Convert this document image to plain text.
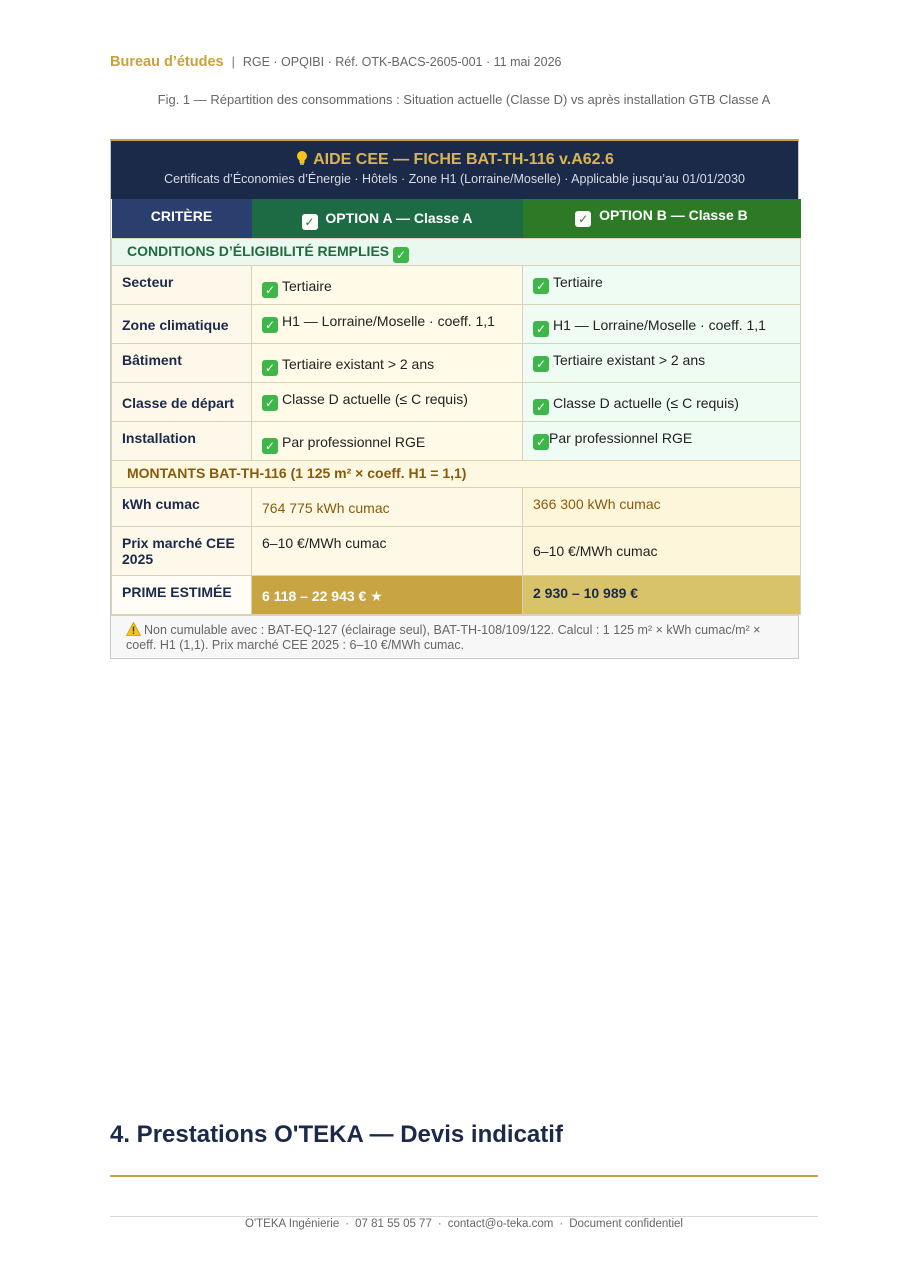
Bureau d’études | RGE · OPQIBI · Réf. OTK-BACS-2605-001 · 11 mai 2026
Fig. 1 — Répartition des consommations : Situation actuelle (Classe D) vs après installation GTB Classe A
AIDE CEE — FICHE BAT-TH-116 v.A62.6
Certificats d’Économies d’Énergie · Hôtels · Zone H1 (Lorraine/Moselle) · Applicable jusqu’au 01/01/2030
CRITÈRE	✓ OPTION A — Classe A	✓ OPTION B — Classe B
CONDITIONS D’ÉLIGIBILITÉ REMPLIES ✓		
Secteur	✓ Tertiaire	✓ Tertiaire
Zone climatique	✓ H1 — Lorraine/Moselle · coeff. 1,1	✓ H1 — Lorraine/Moselle · coeff. 1,1
Bâtiment	✓ Tertiaire existant > 2 ans	✓ Tertiaire existant > 2 ans
Classe de départ	✓ Classe D actuelle (≤ C requis)	✓ Classe D actuelle (≤ C requis)
Installation	✓ Par professionnel RGE	✓ Par professionnel RGE
MONTANTS BAT-TH-116 (1 125 m² × coeff. H1 = 1,1)		
kWh cumac	764 775 kWh cumac	366 300 kWh cumac
Prix marché CEE 2025	6–10 €/MWh cumac	6–10 €/MWh cumac
PRIME ESTIMÉE	6 118 – 22 943 € ★	2 930 – 10 989 €
Non cumulable avec : BAT-EQ-127 (éclairage seul), BAT-TH-108/109/122. Calcul : 1 125 m² × kWh cumac/m² × coeff. H1 (1,1). Prix marché CEE 2025 : 6–10 €/MWh cumac.
4. Prestations O'TEKA — Devis indicatif
O'TEKA Ingénierie · 07 81 55 05 77 · contact@o-teka.com · Document confidentiel
